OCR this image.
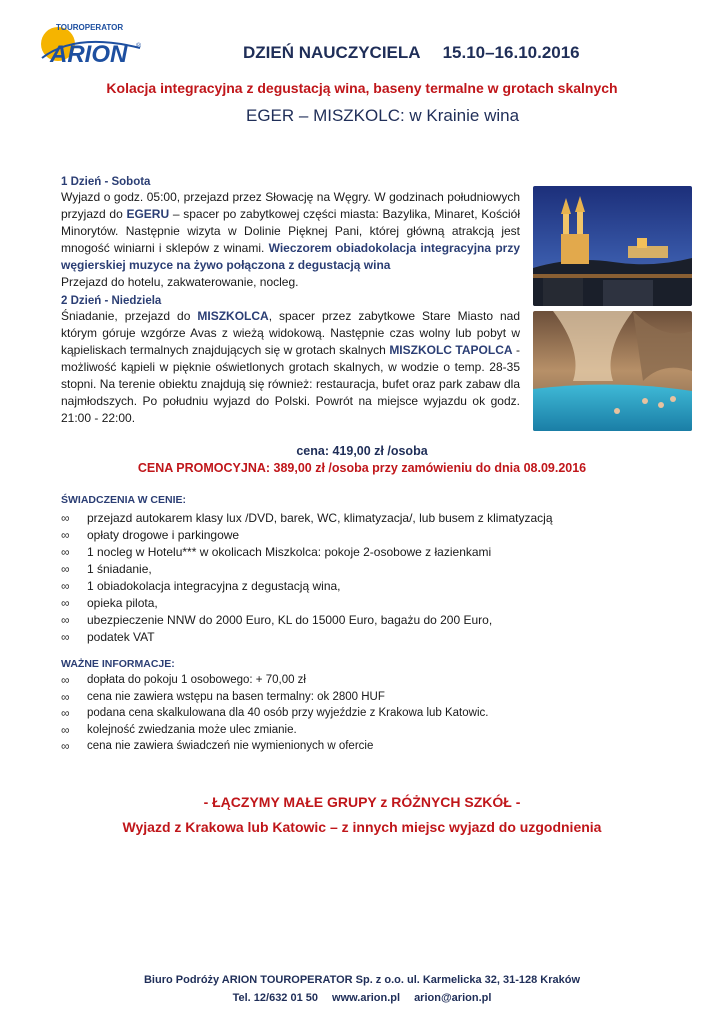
TOUROPERATOR
ARION ®	DZIEŃ NAUCZYCIELA 15.10–16.10.2016
Kolacja integracyjna z degustacją wina, baseny termalne w grotach skalnych
EGER – MISZKOLC: w Krainie wina
1 Dzień - Sobota
Wyjazd o godz. 05:00, przejazd przez Słowację na Węgry. W godzinach południowych przyjazd do EGERU – spacer po zabytkowej części miasta: Bazylika, Minaret, Kościół Minorytów. Następnie wizyta w Dolinie Pięknej Pani, której główną atrakcją jest mnogość winiarni i sklepów z winami. Wieczorem obiadokolacja integracyjna przy węgierskiej muzyce na żywo połączona z degustacją wina
Przejazd do hotelu, zakwaterowanie, nocleg.
2 Dzień - Niedziela
Śniadanie, przejazd do MISZKOLCA, spacer przez zabytkowe Stare Miasto nad którym góruje wzgórze Avas z wieżą widokową. Następnie czas wolny lub pobyt w kąpieliskach termalnych znajdujących się w grotach skalnych MISZKOLC TAPOLCA - możliwość kąpieli w pięknie oświetlonych grotach skalnych, w wodzie o temp. 28-35 stopni. Na terenie obiektu znajdują się również: restauracja, bufet oraz park zabaw dla najmłodszych. Po południu wyjazd do Polski. Powrót na miejsce wyjazdu ok godz. 21:00 - 22:00.
cena: 419,00 zł /osoba
CENA PROMOCYJNA: 389,00 zł /osoba przy zamówieniu do dnia 08.09.2016
ŚWIADCZENIA W CENIE:
∞ przejazd autokarem klasy lux /DVD, barek, WC, klimatyzacja/, lub busem z klimatyzacją
∞ opłaty drogowe i parkingowe
∞ 1 nocleg w Hotelu*** w okolicach Miszkolca: pokoje 2-osobowe z łazienkami
∞ 1 śniadanie,
∞ 1 obiadokolacja integracyjna z degustacją wina,
∞ opieka pilota,
∞ ubezpieczenie NNW do 2000 Euro, KL do 15000 Euro, bagażu do 200 Euro,
∞ podatek VAT
WAŻNE INFORMACJE:
∞ dopłata do pokoju 1 osobowego: + 70,00 zł
∞ cena nie zawiera wstępu na basen termalny: ok 2800 HUF
∞ podana cena skalkulowana dla 40 osób przy wyjeździe z Krakowa lub Katowic.
∞ kolejność zwiedzania może ulec zmianie.
∞ cena nie zawiera świadczeń nie wymienionych w ofercie
- ŁĄCZYMY MAŁE GRUPY z RÓŻNYCH SZKÓŁ -
Wyjazd z Krakowa lub Katowic – z innych miejsc wyjazd do uzgodnienia
Biuro Podróży ARION TOUROPERATOR Sp. z o.o. ul. Karmelicka 32, 31-128 Kraków
Tel. 12/632 01 50 www.arion.pl arion@arion.pl
